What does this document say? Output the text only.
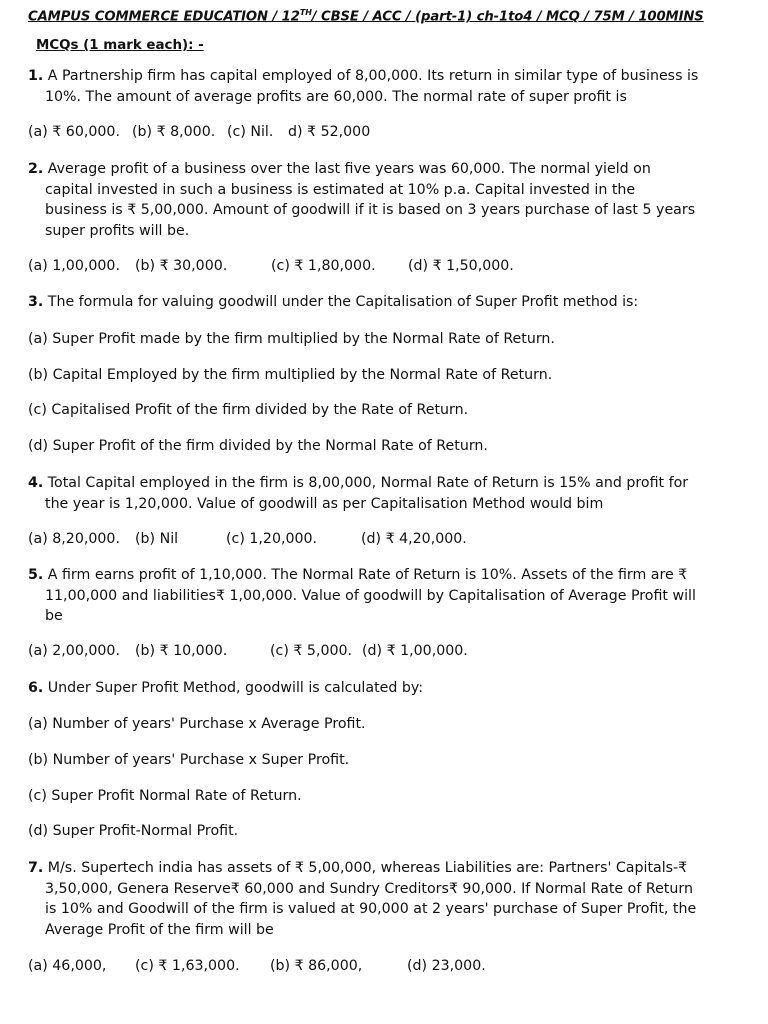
CAMPUS COMMERCE EDUCATION / 12TH/ CBSE / ACC / (part-1) ch-1to4 / MCQ / 75M / 100MINS
MCQs (1 mark each): -
1. A Partnership firm has capital employed of 8,00,000. Its return in similar type of business is 10%. The amount of average profits are 60,000. The normal rate of super profit is
(a) ₹ 60,000. (b) ₹ 8,000. (c) Nil. d) ₹ 52,000
2. Average profit of a business over the last five years was 60,000. The normal yield on capital invested in such a business is estimated at 10% p.a. Capital invested in the business is ₹ 5,00,000. Amount of goodwill if it is based on 3 years purchase of last 5 years super profits will be.
(a) 1,00,000. (b) ₹ 30,000.	(c) ₹ 1,80,000. (d) ₹ 1,50,000.
3. The formula for valuing goodwill under the Capitalisation of Super Profit method is:
(a) Super Profit made by the firm multiplied by the Normal Rate of Return.
(b) Capital Employed by the firm multiplied by the Normal Rate of Return.
(c) Capitalised Profit of the firm divided by the Rate of Return.
(d) Super Profit of the firm divided by the Normal Rate of Return.
4. Total Capital employed in the firm is 8,00,000, Normal Rate of Return is 15% and profit for the year is 1,20,000. Value of goodwill as per Capitalisation Method would bim
(a) 8,20,000. (b) Nil	(c) 1,20,000.	(d) ₹ 4,20,000.
5. A firm earns profit of 1,10,000. The Normal Rate of Return is 10%. Assets of the firm are ₹ 11,00,000 and liabilities₹ 1,00,000. Value of goodwill by Capitalisation of Average Profit will be
(a) 2,00,000. (b) ₹ 10,000.	(c) ₹ 5,000. (d) ₹ 1,00,000.
6. Under Super Profit Method, goodwill is calculated by:
(a) Number of years' Purchase x Average Profit.
(b) Number of years' Purchase x Super Profit.
(c) Super Profit Normal Rate of Return.
(d) Super Profit-Normal Profit.
7. M/s. Supertech india has assets of ₹ 5,00,000, whereas Liabilities are: Partners' Capitals-₹ 3,50,000, Genera Reserve₹ 60,000 and Sundry Creditors₹ 90,000. If Normal Rate of Return is 10% and Goodwill of the firm is valued at 90,000 at 2 years' purchase of Super Profit, the Average Profit of the firm will be
(a) 46,000, (c) ₹ 1,63,000. (b) ₹ 86,000,	(d) 23,000.
